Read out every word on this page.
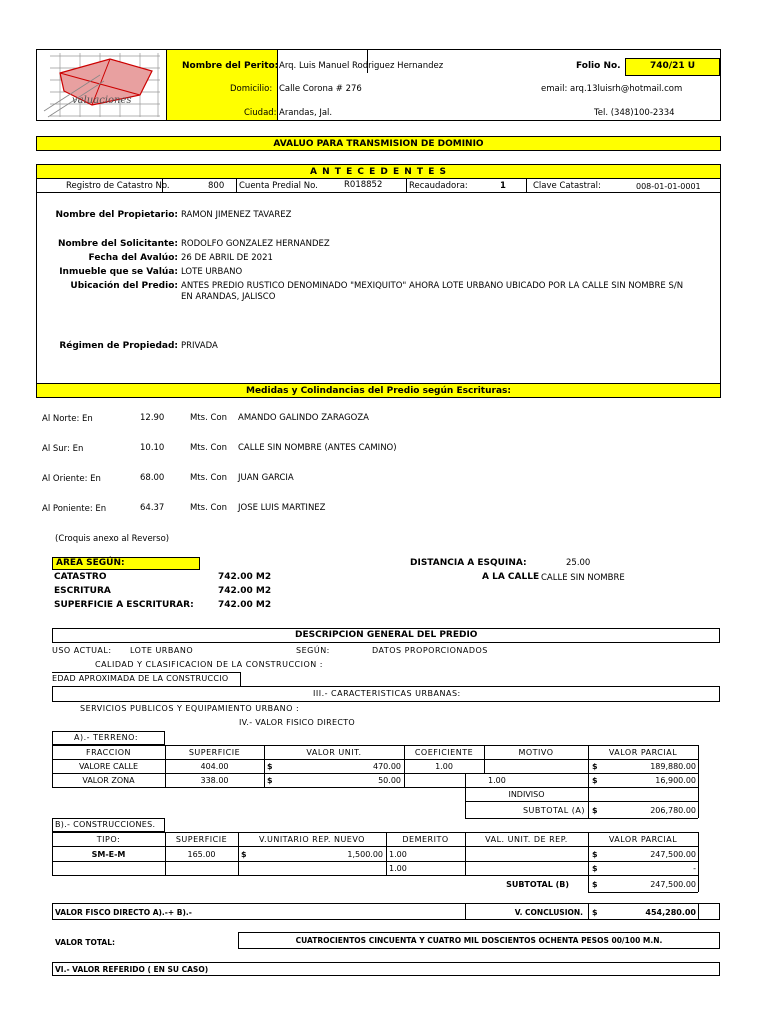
valuaciones
Nombre del Perito: Arq. Luis Manuel Rodriguez Hernandez	Folio No.	740/21 U
Domicilio: Calle Corona # 276	email: arq.13luisrh@hotmail.com
Ciudad: Arandas, Jal.	Tel. (348)100-2334
AVALUO PARA TRANSMISION DE DOMINIO
A N T E C E D E N T E S
Registro de Catastro No.	800 Cuenta Predial No.	R018852	Recaudadora:	1	Clave Catastral:	008-01-01-0001
Nombre del Propietario: RAMON JIMENEZ TAVAREZ
Nombre del Solicitante: RODOLFO GONZALEZ HERNANDEZ
Fecha del Avalúo: 26 DE ABRIL DE 2021
Inmueble que se Valúa: LOTE URBANO
Ubicación del Predio: ANTES PREDIO RUSTICO DENOMINADO "MEXIQUITO" AHORA LOTE URBANO UBICADO POR LA CALLE SIN NOMBRE S/N
EN ARANDAS, JALISCO
Régimen de Propiedad: PRIVADA
Medidas y Colindancias del Predio según Escrituras:
Al Norte: En	12.90	Mts. Con AMANDO GALINDO ZARAGOZA
Al Sur: En	10.10	Mts. Con CALLE SIN NOMBRE (ANTES CAMINO)
Al Oriente: En	68.00	Mts. Con JUAN GARCIA
Al Poniente: En	64.37	Mts. Con JOSE LUIS MARTINEZ
(Croquis anexo al Reverso)
AREA SEGÚN:
CATASTRO	742.00 M2
ESCRITURA	742.00 M2
SUPERFICIE A ESCRITURAR:	742.00 M2
DISTANCIA A ESQUINA:	25.00
A LA CALLE CALLE SIN NOMBRE
DESCRIPCION GENERAL DEL PREDIO
USO ACTUAL: LOTE URBANO	SEGÚN:	DATOS PROPORCIONADOS
CALIDAD Y CLASIFICACION DE LA CONSTRUCCION :
EDAD APROXIMADA DE LA CONSTRUCCIO
III.- CARACTERISTICAS URBANAS:
SERVICIOS PUBLICOS Y EQUIPAMIENTO URBANO :
IV.- VALOR FISICO DIRECTO
A).- TERRENO:
FRACCION	SUPERFICIE	VALOR UNIT.	COEFICIENTE	MOTIVO	VALOR PARCIAL
VALORE CALLE	404.00	$	470.00	1.00	$	189,880.00
VALOR ZONA	338.00	$	50.00	1.00	$	16,900.00
INDIVISO
SUBTOTAL (A) $	206,780.00
B).- CONSTRUCCIONES.
TIPO:	SUPERFICIE	V.UNITARIO REP. NUEVO	DEMERITO	VAL. UNIT. DE REP.	VALOR PARCIAL
SM-E-M	165.00	$	1,500.00 1.00	$	247,500.00
1.00	$	-
SUBTOTAL (B)	$	247,500.00
VALOR FISCO DIRECTO A).-+ B).-	V. CONCLUSION. $	454,280.00
VALOR TOTAL:	CUATROCIENTOS CINCUENTA Y CUATRO MIL DOSCIENTOS OCHENTA PESOS 00/100 M.N.
VI.- VALOR REFERIDO ( EN SU CASO)
